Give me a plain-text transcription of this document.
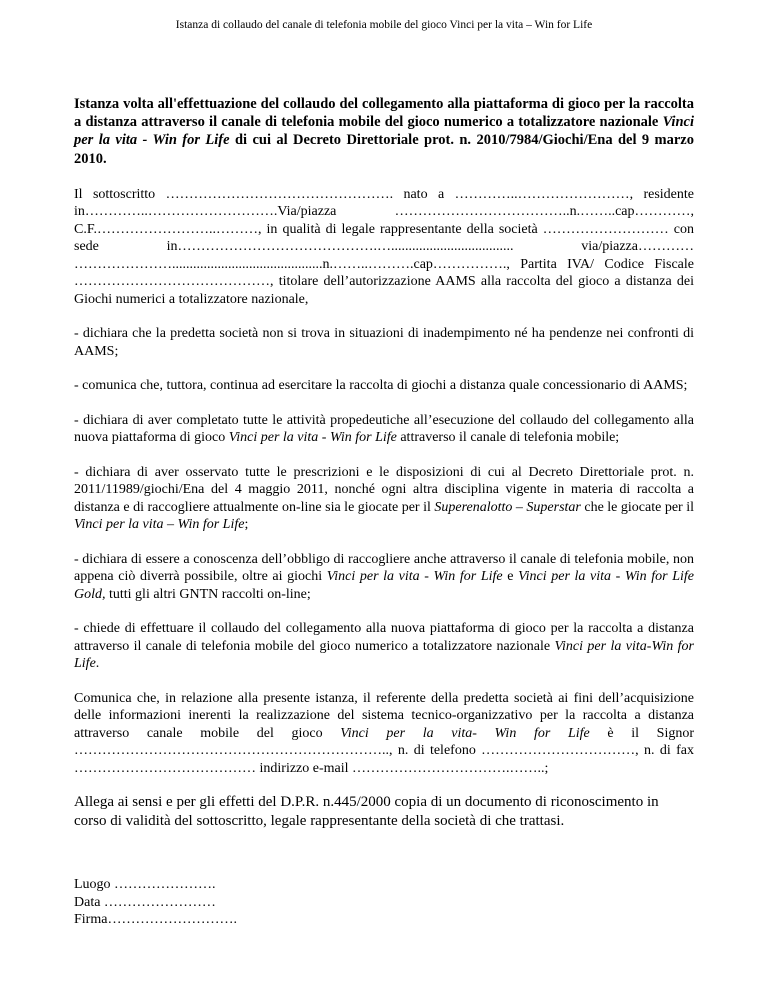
Istanza di collaudo del canale di telefonia mobile del gioco Vinci per la vita – Win for Life

Istanza volta all'effettuazione del collaudo del collegamento alla piattaforma di gioco per la raccolta a distanza attraverso il canale di telefonia mobile del gioco numerico a totalizzatore nazionale Vinci per la vita - Win for Life di cui al Decreto Direttoriale prot. n. 2010/7984/Giochi/Ena del 9 marzo 2010.

Il sottoscritto …………………………………………. nato a …………..……………………, residente in…………..……………………….Via/piazza ………………………………..n.……..cap…………, C.F.……………………..………, in qualità di legale rappresentante della società ……………………… con sede in…………………………………….…................................... via/piazza………… …………………...........................................n.……..……….cap……………., Partita IVA/ Codice Fiscale ……………………………………, titolare dell’autorizzazione AAMS alla raccolta del gioco a distanza dei Giochi numerici a totalizzatore nazionale,

- dichiara che la predetta società non si trova in situazioni di inadempimento né ha pendenze nei confronti di AAMS;

- comunica che, tuttora, continua ad esercitare la raccolta di giochi a distanza quale concessionario di AAMS;

- dichiara di aver completato tutte le attività propedeutiche all’esecuzione del collaudo del collegamento alla nuova piattaforma di gioco Vinci per la vita - Win for Life attraverso il canale di telefonia mobile;

- dichiara di aver osservato tutte le prescrizioni e le disposizioni di cui al Decreto Direttoriale prot. n. 2011/11989/giochi/Ena del 4 maggio 2011, nonché ogni altra disciplina vigente in materia di raccolta a distanza e di raccogliere attualmente on-line sia le giocate per il Superenalotto – Superstar che le giocate per il Vinci per la vita – Win for Life;

- dichiara di essere a conoscenza dell’obbligo di raccogliere anche attraverso il canale di telefonia mobile, non appena ciò diverrà possibile, oltre ai giochi Vinci per la vita - Win for Life e Vinci per la vita - Win for Life Gold, tutti gli altri GNTN raccolti on-line;

- chiede di effettuare il collaudo del collegamento alla nuova piattaforma di gioco per la raccolta a distanza attraverso il canale di telefonia mobile del gioco numerico a totalizzatore nazionale Vinci per la vita-Win for Life.

Comunica che, in relazione alla presente istanza, il referente della predetta società ai fini dell’acquisizione delle informazioni inerenti la realizzazione del sistema tecnico-organizzativo per la raccolta a distanza attraverso canale mobile del gioco Vinci per la vita- Win for Life è il Signor ………………………………………………………….., n. di telefono ……………………………, n. di fax ………………………………… indirizzo e-mail …………………………….……..;

Allega ai sensi e per gli effetti del D.P.R. n.445/2000 copia di un documento di riconoscimento in corso di validità del sottoscritto, legale rappresentante della società di che trattasi.

Luogo ………………….
Data ……………………
Firma……………………….
